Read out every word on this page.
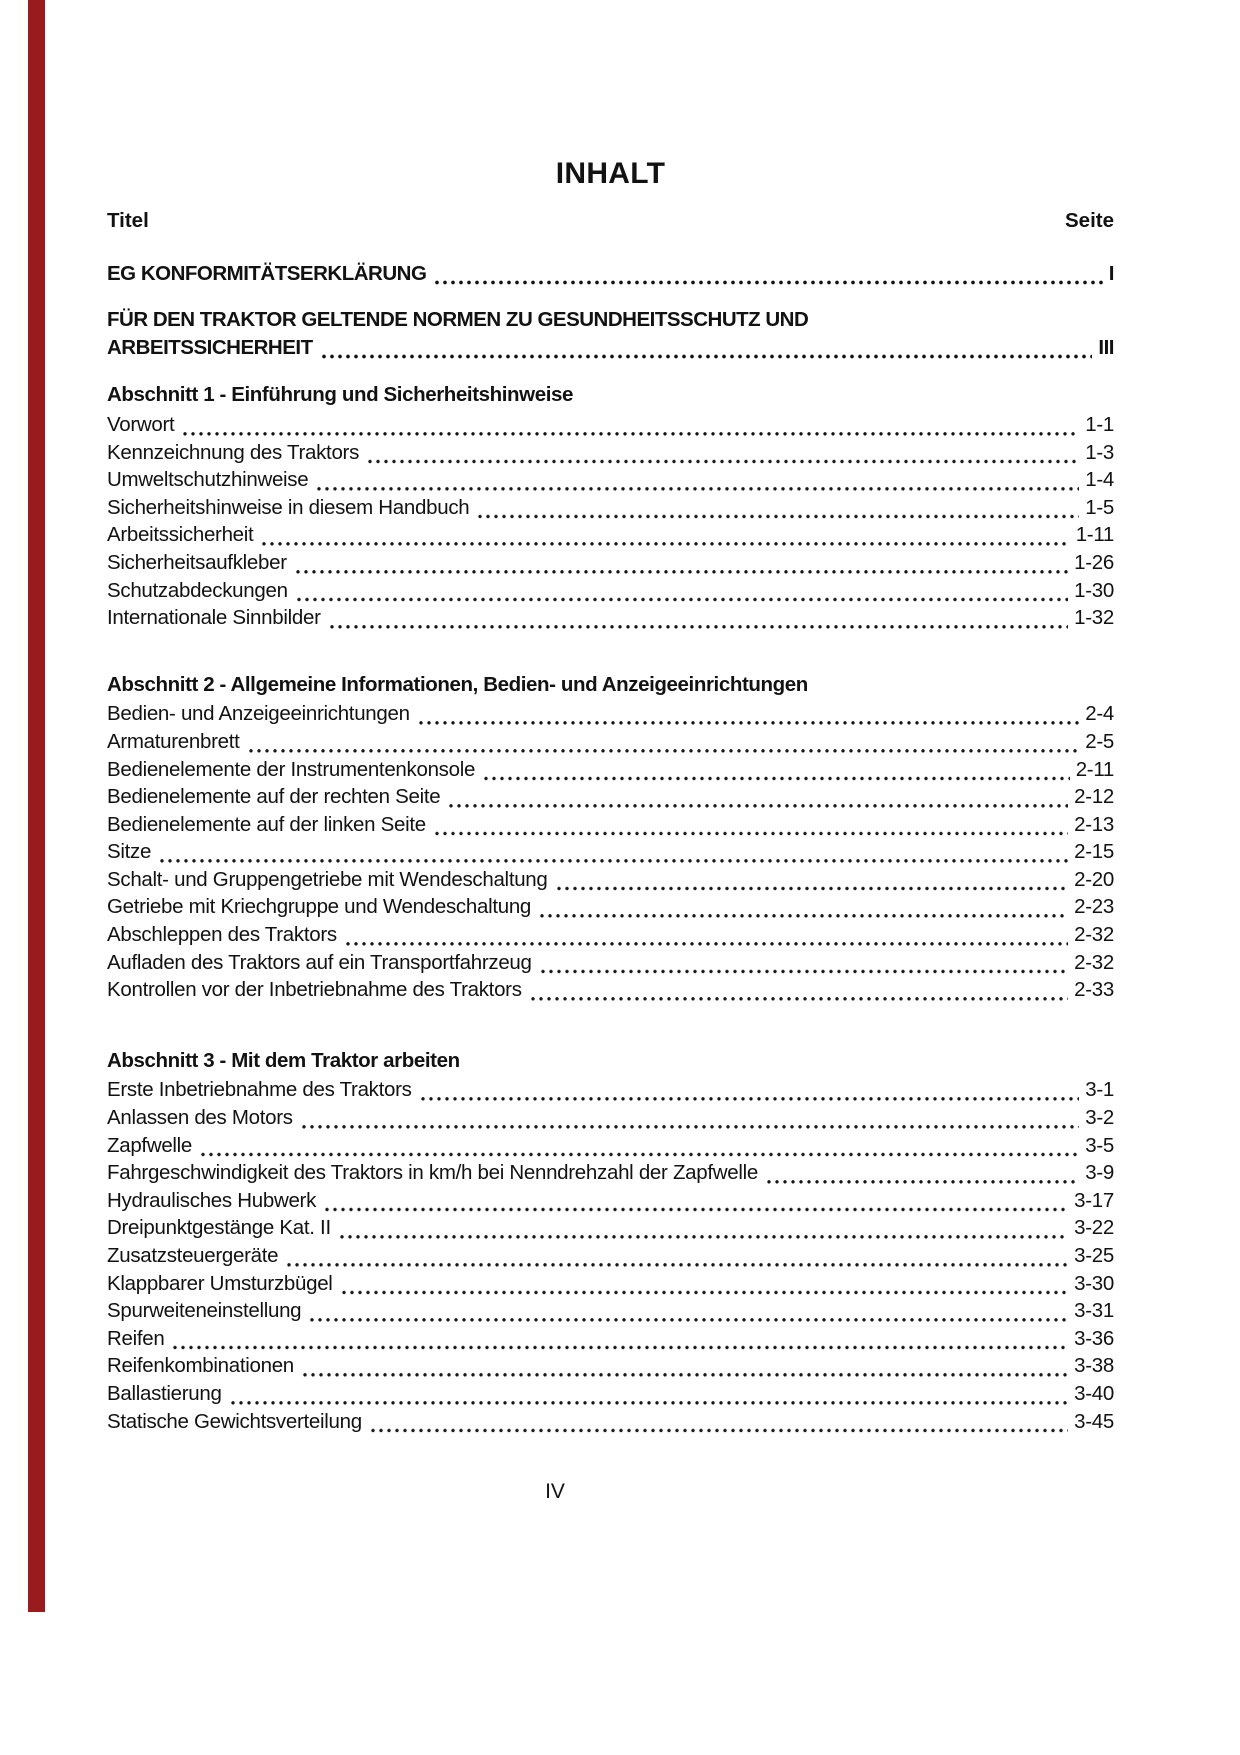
INHALT
Titel	Seite
EG KONFORMITÄTSERKLÄRUNG	I
FÜR DEN TRAKTOR GELTENDE NORMEN ZU GESUNDHEITSSCHUTZ UND
ARBEITSSICHERHEIT	III
Abschnitt 1 - Einführung und Sicherheitshinweise
Vorwort	1-1
Kennzeichnung des Traktors	1-3
Umweltschutzhinweise	1-4
Sicherheitshinweise in diesem Handbuch	1-5
Arbeitssicherheit	1-11
Sicherheitsaufkleber	1-26
Schutzabdeckungen	1-30
Internationale Sinnbilder	1-32
Abschnitt 2 - Allgemeine Informationen, Bedien- und Anzeigeeinrichtungen
Bedien- und Anzeigeeinrichtungen	2-4
Armaturenbrett	2-5
Bedienelemente der Instrumentenkonsole	2-11
Bedienelemente auf der rechten Seite	2-12
Bedienelemente auf der linken Seite	2-13
Sitze	2-15
Schalt- und Gruppengetriebe mit Wendeschaltung	2-20
Getriebe mit Kriechgruppe und Wendeschaltung	2-23
Abschleppen des Traktors	2-32
Aufladen des Traktors auf ein Transportfahrzeug	2-32
Kontrollen vor der Inbetriebnahme des Traktors	2-33
Abschnitt 3 - Mit dem Traktor arbeiten
Erste Inbetriebnahme des Traktors	3-1
Anlassen des Motors	3-2
Zapfwelle	3-5
Fahrgeschwindigkeit des Traktors in km/h bei Nenndrehzahl der Zapfwelle	3-9
Hydraulisches Hubwerk	3-17
Dreipunktgestänge Kat. II	3-22
Zusatzsteuergeräte	3-25
Klappbarer Umsturzbügel	3-30
Spurweiteneinstellung	3-31
Reifen	3-36
Reifenkombinationen	3-38
Ballastierung	3-40
Statische Gewichtsverteilung	3-45
IV
